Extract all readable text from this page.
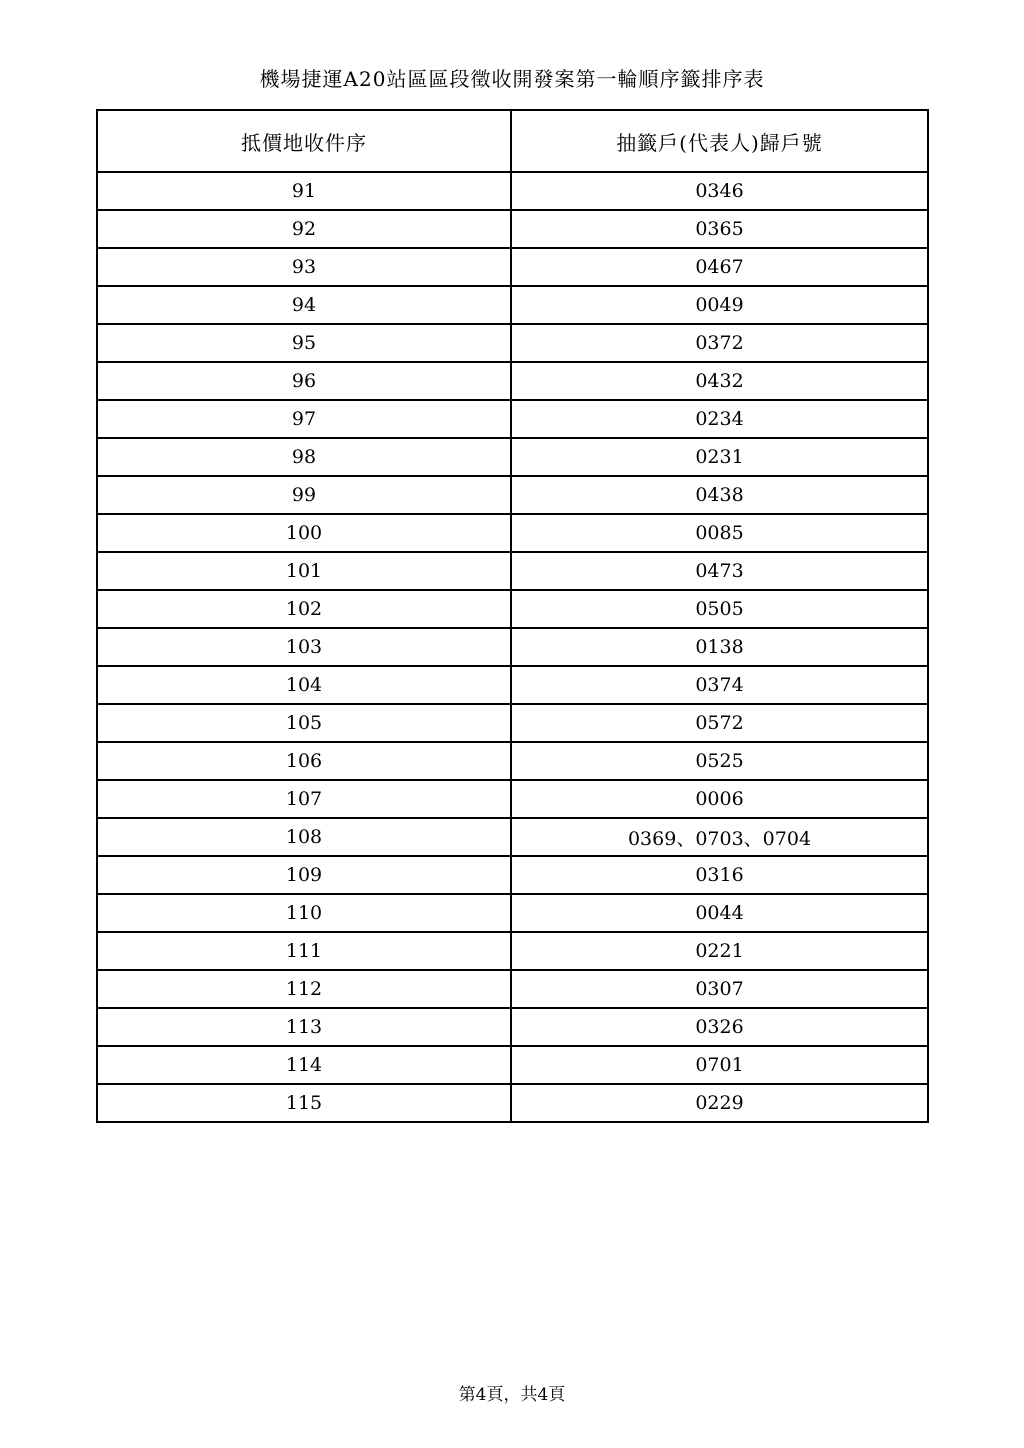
機場捷運A20站區區段徵收開發案第一輪順序籤排序表
抵價地收件序	抽籤戶(代表人)歸戶號
91	0346
92	0365
93	0467
94	0049
95	0372
96	0432
97	0234
98	0231
99	0438
100	0085
101	0473
102	0505
103	0138
104	0374
105	0572
106	0525
107	0006
108	0369、0703、0704
109	0316
110	0044
111	0221
112	0307
113	0326
114	0701
115	0229
第4頁，共4頁
